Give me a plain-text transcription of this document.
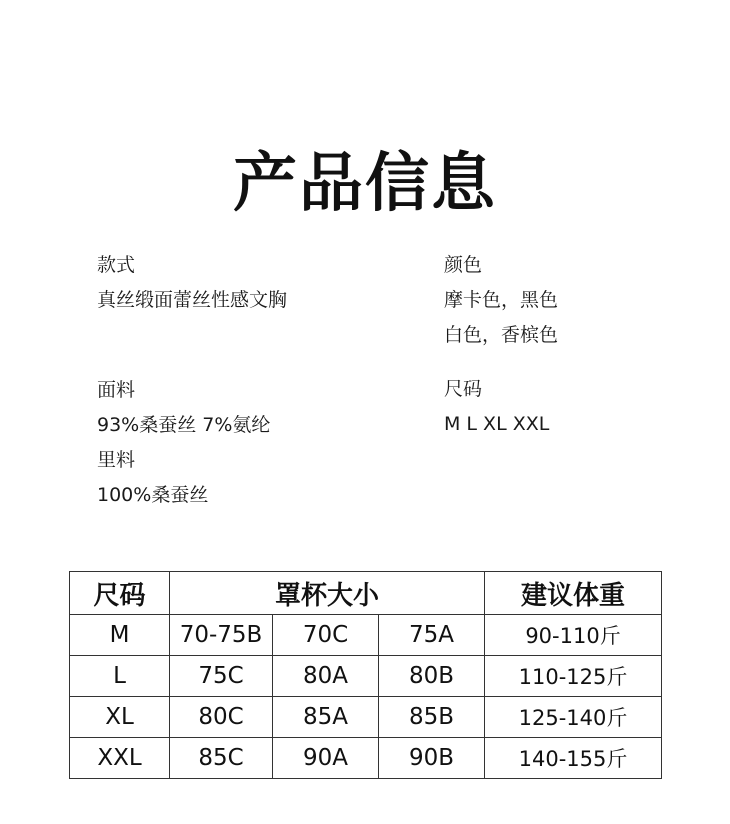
产品信息
款式
真丝缎面蕾丝性感文胸
面料
93%桑蚕丝 7%氨纶
里料
100%桑蚕丝
颜色
摩卡色，黑色
白色，香槟色
尺码
M L XL XXL
尺码	罩杯大小			建议体重
M	70-75B	70C	75A	90-110斤
L	75C	80A	80B	110-125斤
XL	80C	85A	85B	125-140斤
XXL	85C	90A	90B	140-155斤
